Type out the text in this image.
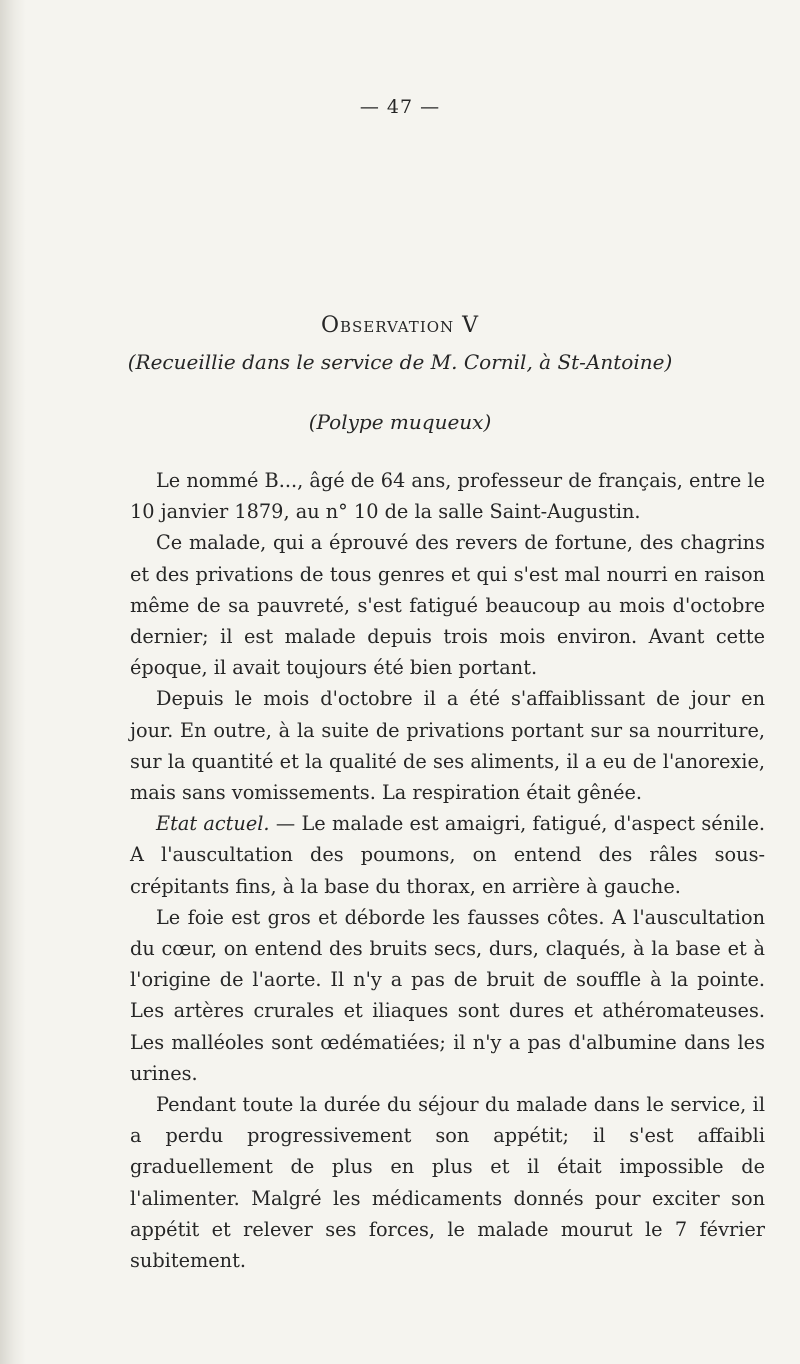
— 47 —
Observation V
(Recueillie dans le service de M. Cornil, à St-Antoine)
(Polype muqueux)

Le nommé B..., âgé de 64 ans, professeur de français, entre le 10 janvier 1879, au n° 10 de la salle Saint-Augustin.

Ce malade, qui a éprouvé des revers de fortune, des chagrins et des privations de tous genres et qui s'est mal nourri en raison même de sa pauvreté, s'est fatigué beaucoup au mois d'octobre dernier; il est malade depuis trois mois environ. Avant cette époque, il avait toujours été bien portant.

Depuis le mois d'octobre il a été s'affaiblissant de jour en jour. En outre, à la suite de privations portant sur sa nourriture, sur la quantité et la qualité de ses aliments, il a eu de l'anorexie, mais sans vomissements. La respiration était gênée.

Etat actuel. — Le malade est amaigri, fatigué, d'aspect sénile. A l'auscultation des poumons, on entend des râles sous-crépitants fins, à la base du thorax, en arrière à gauche.

Le foie est gros et déborde les fausses côtes. A l'auscultation du cœur, on entend des bruits secs, durs, claqués, à la base et à l'origine de l'aorte. Il n'y a pas de bruit de souffle à la pointe. Les artères crurales et iliaques sont dures et athéromateuses. Les malléoles sont œdématiées; il n'y a pas d'albumine dans les urines.

Pendant toute la durée du séjour du malade dans le service, il a perdu progressivement son appétit; il s'est affaibli graduellement de plus en plus et il était impossible de l'alimenter. Malgré les médicaments donnés pour exciter son appétit et relever ses forces, le malade mourut le 7 février subitement.
